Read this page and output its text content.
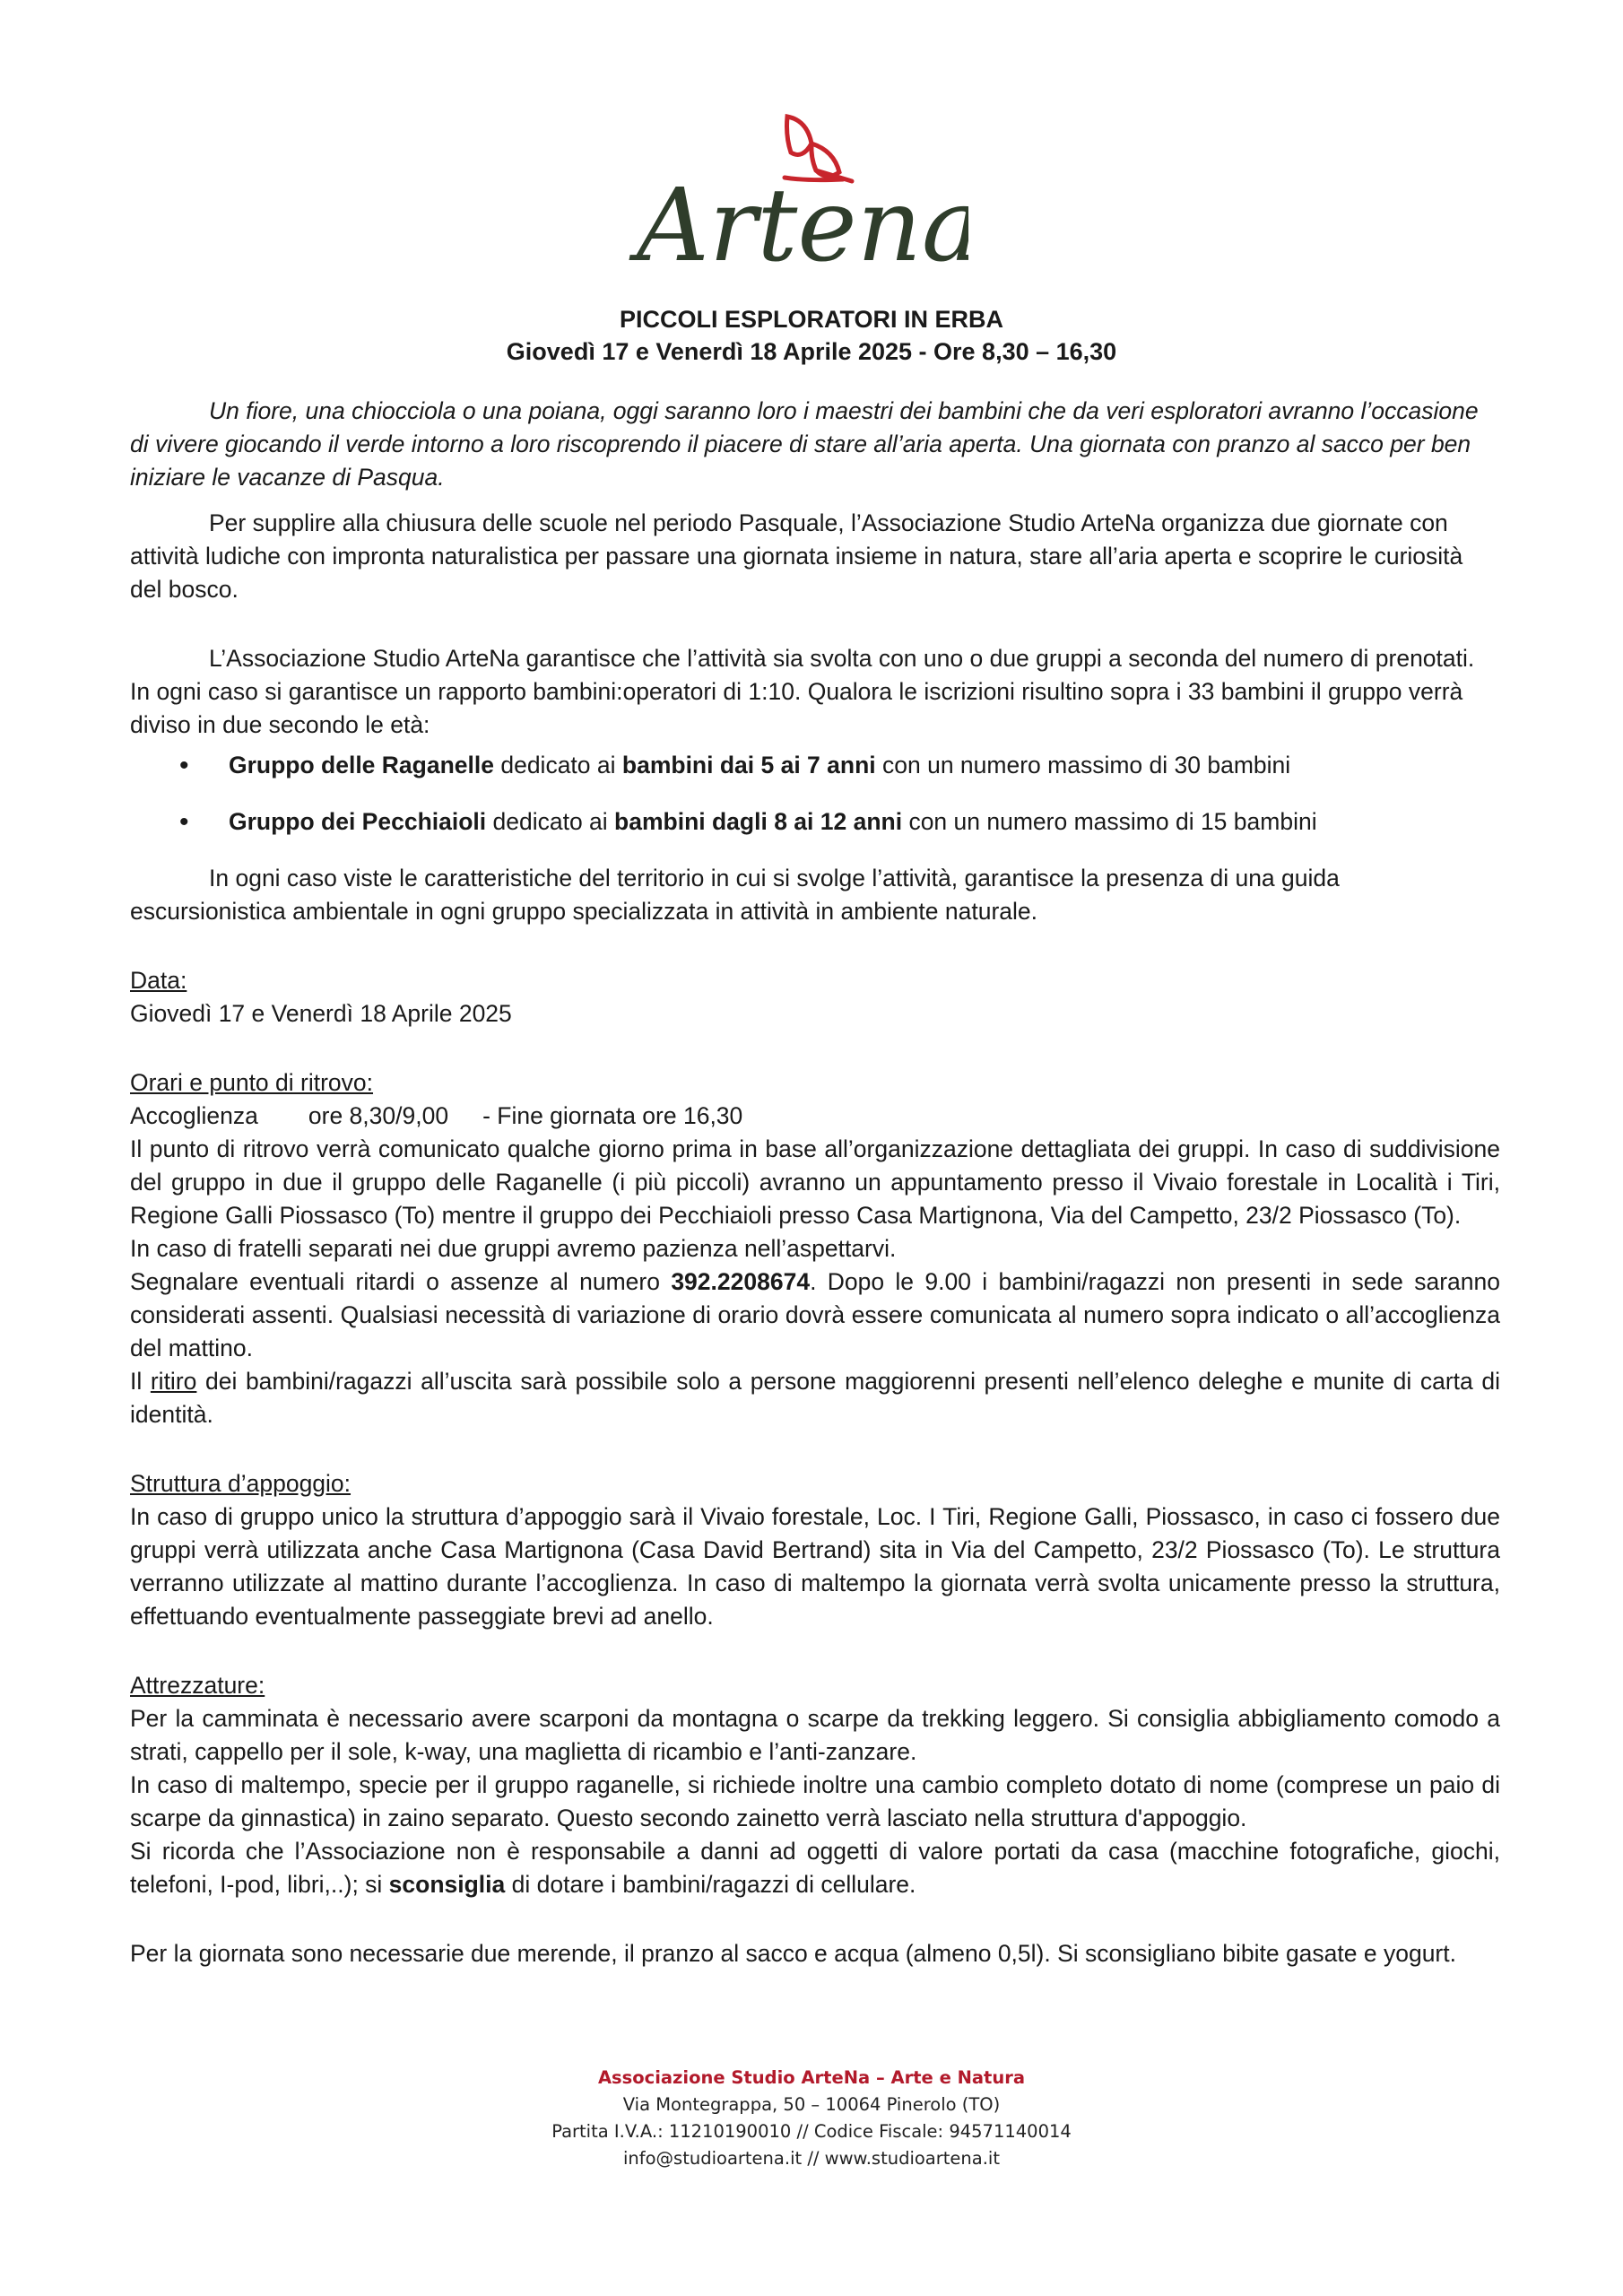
Artena
PICCOLI ESPLORATORI IN ERBA
Giovedì 17 e Venerdì 18 Aprile 2025 - Ore 8,30 – 16,30

Un fiore, una chiocciola o una poiana, oggi saranno loro i maestri dei bambini che da veri esploratori avranno l’occasione di vivere giocando il verde intorno a loro riscoprendo il piacere di stare all’aria aperta. Una giornata con pranzo al sacco per ben iniziare le vacanze di Pasqua.

Per supplire alla chiusura delle scuole nel periodo Pasquale, l’Associazione Studio ArteNa organizza due giornate con attività ludiche con impronta naturalistica per passare una giornata insieme in natura, stare all’aria aperta e scoprire le curiosità del bosco.

L’Associazione Studio ArteNa garantisce che l’attività sia svolta con uno o due gruppi a seconda del numero di prenotati. In ogni caso si garantisce un rapporto bambini:operatori di 1:10. Qualora le iscrizioni risultino sopra i 33 bambini il gruppo verrà diviso in due secondo le età:

• Gruppo delle Raganelle dedicato ai bambini dai 5 ai 7 anni con un numero massimo di 30 bambini
• Gruppo dei Pecchiaioli dedicato ai bambini dagli 8 ai 12 anni con un numero massimo di 15 bambini

In ogni caso viste le caratteristiche del territorio in cui si svolge l’attività, garantisce la presenza di una guida escursionistica ambientale in ogni gruppo specializzata in attività in ambiente naturale.

Data:

Giovedì 17 e Venerdì 18 Aprile 2025

Orari e punto di ritrovo:

Accoglienza ore 8,30/9,00 - Fine giornata ore 16,30

Il punto di ritrovo verrà comunicato qualche giorno prima in base all’organizzazione dettagliata dei gruppi. In caso di suddivisione del gruppo in due il gruppo delle Raganelle (i più piccoli) avranno un appuntamento presso il Vivaio forestale in Località i Tiri, Regione Galli Piossasco (To) mentre il gruppo dei Pecchiaioli presso Casa Martignona, Via del Campetto, 23/2 Piossasco (To).

In caso di fratelli separati nei due gruppi avremo pazienza nell’aspettarvi.

Segnalare eventuali ritardi o assenze al numero 392.2208674. Dopo le 9.00 i bambini/ragazzi non presenti in sede saranno considerati assenti. Qualsiasi necessità di variazione di orario dovrà essere comunicata al numero sopra indicato o all’accoglienza del mattino.

Il ritiro dei bambini/ragazzi all’uscita sarà possibile solo a persone maggiorenni presenti nell’elenco deleghe e munite di carta di identità.

Struttura d’appoggio:

In caso di gruppo unico la struttura d’appoggio sarà il Vivaio forestale, Loc. I Tiri, Regione Galli, Piossasco, in caso ci fossero due gruppi verrà utilizzata anche Casa Martignona (Casa David Bertrand) sita in Via del Campetto, 23/2 Piossasco (To). Le struttura verranno utilizzate al mattino durante l’accoglienza. In caso di maltempo la giornata verrà svolta unicamente presso la struttura, effettuando eventualmente passeggiate brevi ad anello.

Attrezzature:

Per la camminata è necessario avere scarponi da montagna o scarpe da trekking leggero. Si consiglia abbigliamento comodo a strati, cappello per il sole, k-way, una maglietta di ricambio e l’anti-zanzare.

In caso di maltempo, specie per il gruppo raganelle, si richiede inoltre una cambio completo dotato di nome (comprese un paio di scarpe da ginnastica) in zaino separato. Questo secondo zainetto verrà lasciato nella struttura d'appoggio.

Si ricorda che l’Associazione non è responsabile a danni ad oggetti di valore portati da casa (macchine fotografiche, giochi, telefoni, I-pod, libri,..); si sconsiglia di dotare i bambini/ragazzi di cellulare.

Per la giornata sono necessarie due merende, il pranzo al sacco e acqua (almeno 0,5l). Si sconsigliano bibite gasate e yogurt.

Associazione Studio ArteNa – Arte e Natura
Via Montegrappa, 50 – 10064 Pinerolo (TO)
Partita I.V.A.: 11210190010 // Codice Fiscale: 94571140014
info@studioartena.it // www.studioartena.it
